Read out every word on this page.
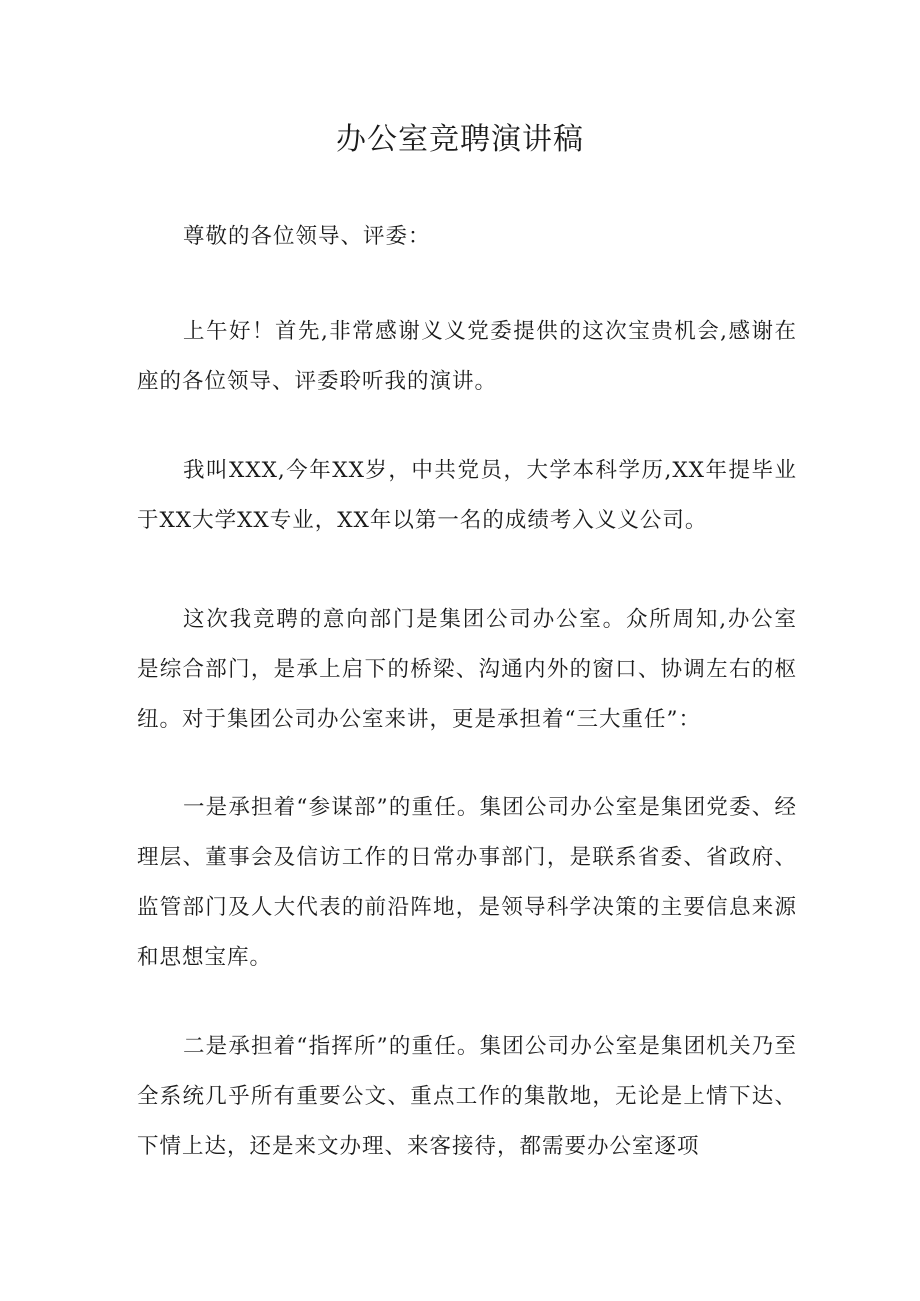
办公室竞聘演讲稿

尊敬的各位领导、评委：

上午好！首先,非常感谢义义党委提供的这次宝贵机会,感谢在座的各位领导、评委聆听我的演讲。

我叫XXX,今年XX岁，中共党员，大学本科学历,XX年提毕业于XX大学XX专业，XX年以第一名的成绩考入义义公司。

这次我竞聘的意向部门是集团公司办公室。众所周知,办公室是综合部门，是承上启下的桥梁、沟通内外的窗口、协调左右的枢纽。对于集团公司办公室来讲，更是承担着“三大重任”：

一是承担着“参谋部”的重任。集团公司办公室是集团党委、经理层、董事会及信访工作的日常办事部门，是联系省委、省政府、监管部门及人大代表的前沿阵地，是领导科学决策的主要信息来源和思想宝库。

二是承担着“指挥所”的重任。集团公司办公室是集团机关乃至全系统几乎所有重要公文、重点工作的集散地，无论是上情下达、下情上达，还是来文办理、来客接待，都需要办公室逐项
